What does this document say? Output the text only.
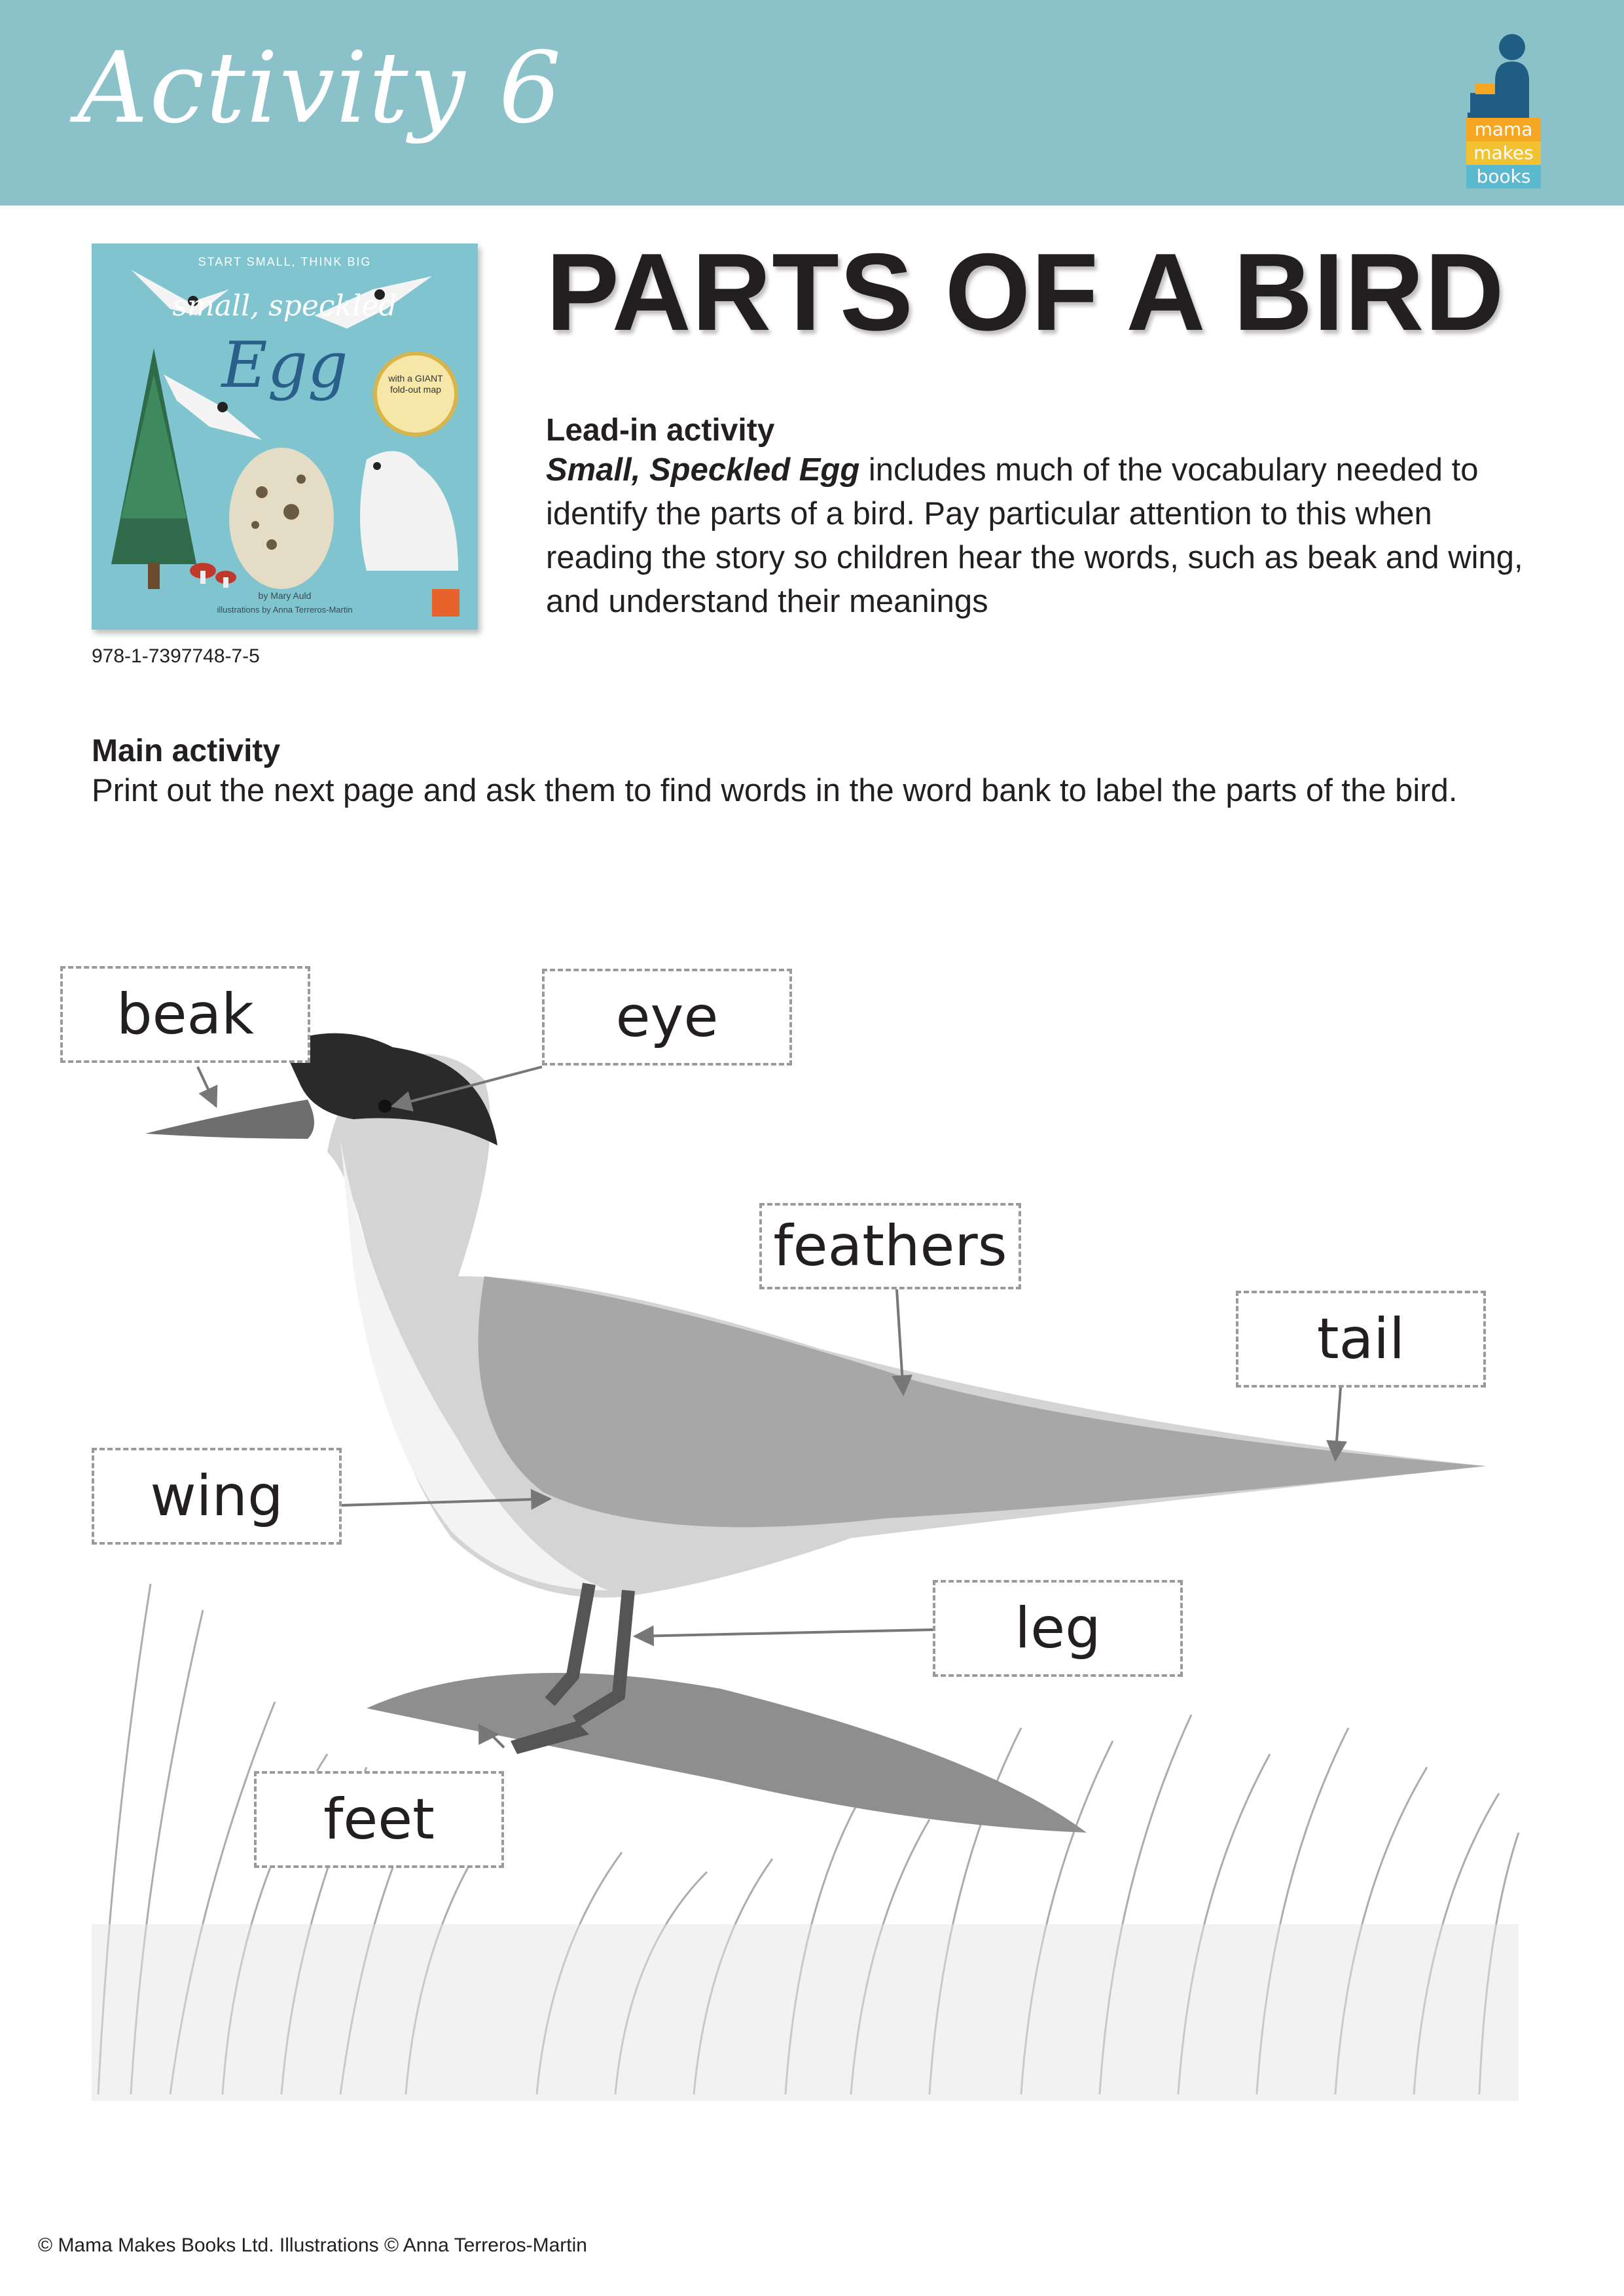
Activity 6	mama
makes
books
START SMALL, THINK BIG
small, speckled
Egg	with a GIANT fold-out map
by Mary Auld
illustrations by Anna Terreros-Martin
978-1-7397748-7-5
PARTS OF A BIRD
Lead-in activity
Small, Speckled Egg includes much of the vocabulary needed to identify the parts of a bird. Pay particular attention to this when reading the story so children hear the words, such as beak and wing, and understand their meanings
Main activity
Print out the next page and ask them to find words in the word bank to label the parts of the bird.
beak	eye
feathers
tail
wing
leg
feet
© Mama Makes Books Ltd. Illustrations © Anna Terreros-Martin
